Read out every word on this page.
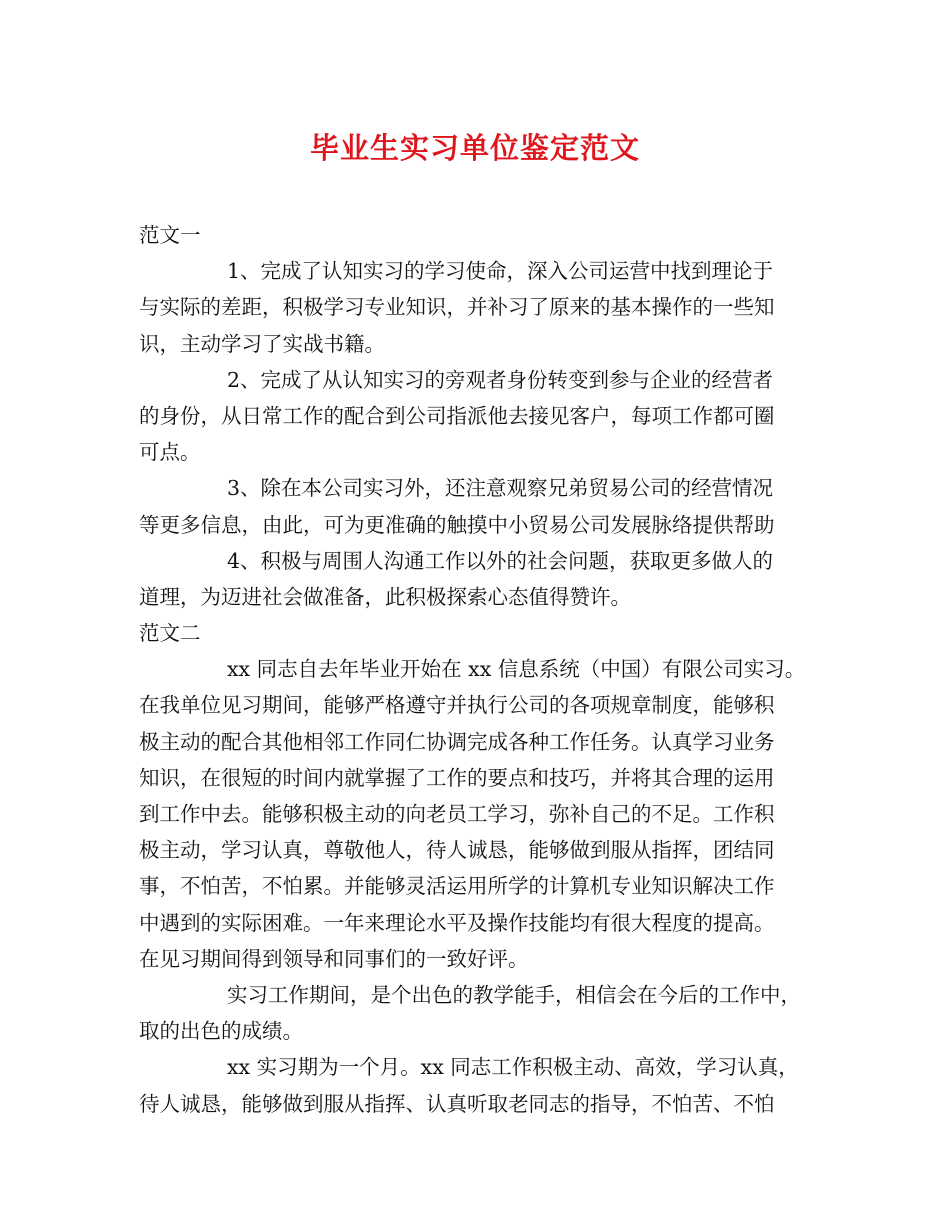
毕业生实习单位鉴定范文
范文一
1、完成了认知实习的学习使命，深入公司运营中找到理论于
与实际的差距，积极学习专业知识，并补习了原来的基本操作的一些知
识，主动学习了实战书籍。
2、完成了从认知实习的旁观者身份转变到参与企业的经营者
的身份，从日常工作的配合到公司指派他去接见客户，每项工作都可圈
可点。
3、除在本公司实习外，还注意观察兄弟贸易公司的经营情况
等更多信息，由此，可为更准确的触摸中小贸易公司发展脉络提供帮助
4、积极与周围人沟通工作以外的社会问题，获取更多做人的
道理，为迈进社会做准备，此积极探索心态值得赞许。
范文二
xx 同志自去年毕业开始在 xx 信息系统（中国）有限公司实习。
在我单位见习期间，能够严格遵守并执行公司的各项规章制度，能够积
极主动的配合其他相邻工作同仁协调完成各种工作任务。认真学习业务
知识，在很短的时间内就掌握了工作的要点和技巧，并将其合理的运用
到工作中去。能够积极主动的向老员工学习，弥补自己的不足。工作积
极主动，学习认真，尊敬他人，待人诚恳，能够做到服从指挥，团结同
事，不怕苦，不怕累。并能够灵活运用所学的计算机专业知识解决工作
中遇到的实际困难。一年来理论水平及操作技能均有很大程度的提高。
在见习期间得到领导和同事们的一致好评。
实习工作期间，是个出色的教学能手，相信会在今后的工作中，
取的出色的成绩。
xx 实习期为一个月。xx 同志工作积极主动、高效，学习认真，
待人诚恳，能够做到服从指挥、认真听取老同志的指导，不怕苦、不怕
